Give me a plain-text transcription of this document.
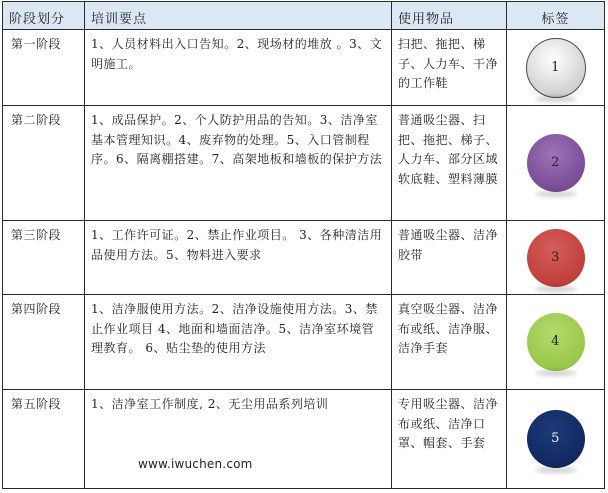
阶段划分	培训要点	使用物品	标签
第一阶段	1、人员材料出入口告知。2、现场材的堆放 。3、文明施工。	扫把、拖把、梯子、人力车、干净的工作鞋	1
第二阶段	1、成品保护。2、个人防护用品的告知。3、洁净室基本管理知识。4、废弃物的处理。5、入口管制程序。6、隔离棚搭建。7、高架地板和墙板的保护方法	普通吸尘器、扫把、拖把、梯子、人力车、部分区域软底鞋、塑料薄膜	2
第三阶段	1、工作许可证。2、禁止作业项目。 3、各种清洁用品使用方法。5、物料进入要求	普通吸尘器、洁净胶带	3
第四阶段	1、洁净服使用方法。2、洁净设施使用方法。3、禁止作业项目 4、地面和墙面洁净。5、洁净室环境管理教育。 6、贴尘垫的使用方法	真空吸尘器、洁净布或纸、洁净服、洁净手套	4
第五阶段	1、洁净室工作制度, 2、无尘用品系列培训	专用吸尘器、洁净布或纸、洁净口罩、帽套、手套	5
www.iwuchen.com
